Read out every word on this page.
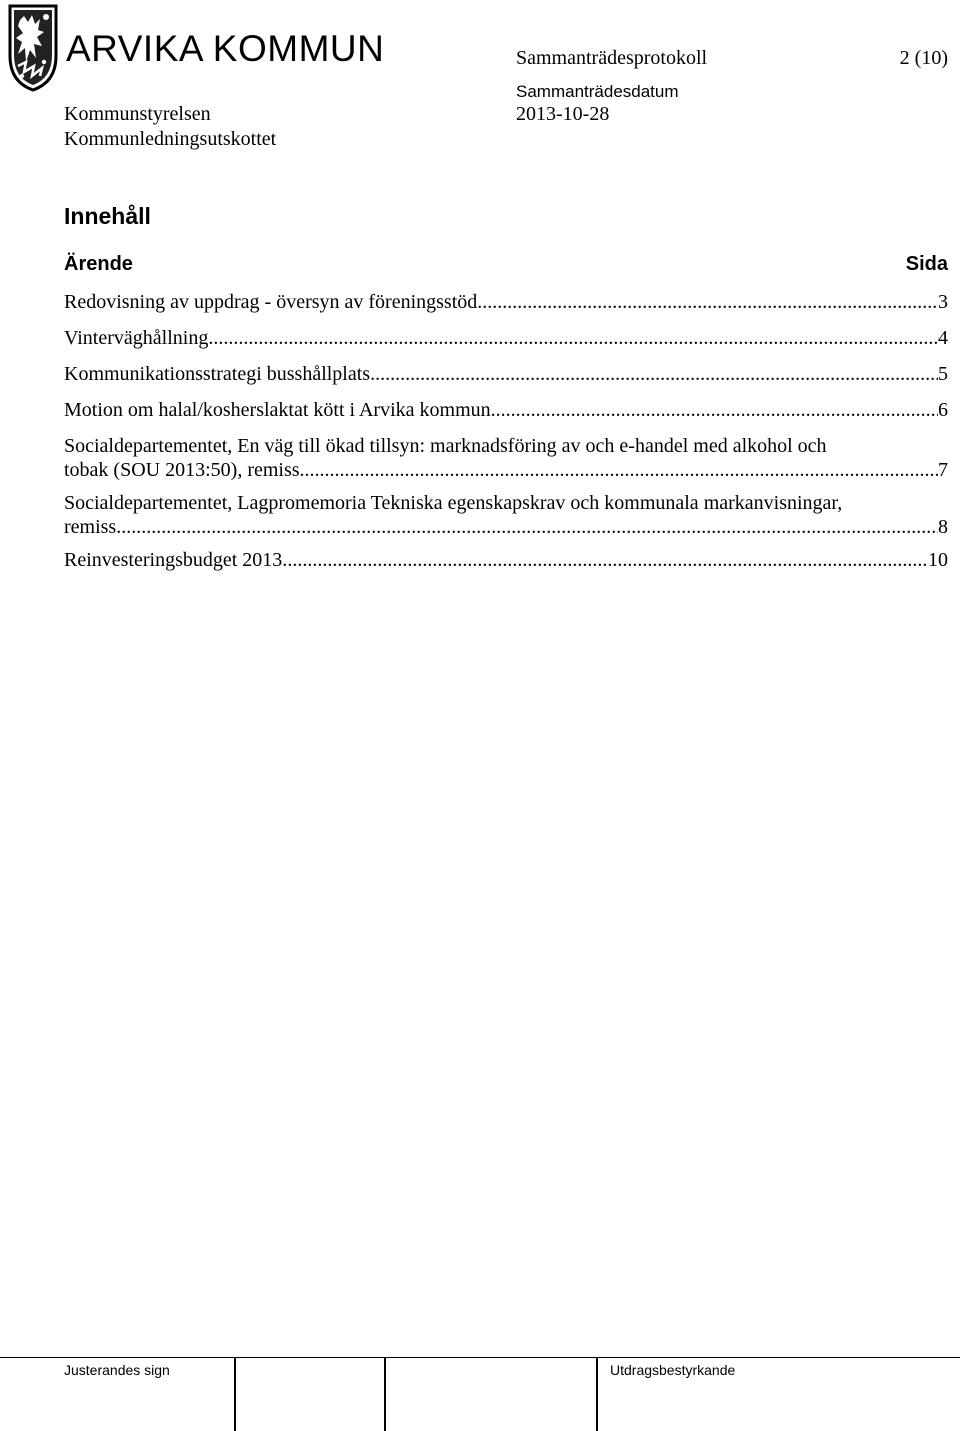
ARVIKA KOMMUN	Sammanträdesprotokoll	2 (10)
Sammanträdesdatum
2013-10-28
Kommunstyrelsen
Kommunledningsutskottet
Innehåll
Ärende	Sida
Redovisning av uppdrag - översyn av föreningsstöd .....	3
Vinterväghållning .....	4
Kommunikationsstrategi busshållplats .....	5
Motion om halal/kosherslaktat kött i Arvika kommun .....	6
Socialdepartementet, En väg till ökad tillsyn: marknadsföring av och e-handel med alkohol och
tobak (SOU 2013:50), remiss .....	7
Socialdepartementet, Lagpromemoria Tekniska egenskapskrav och kommunala markanvisningar,
remiss .....	8
Reinvesteringsbudget 2013. .....	10
Justerandes sign	Utdragsbestyrkande
